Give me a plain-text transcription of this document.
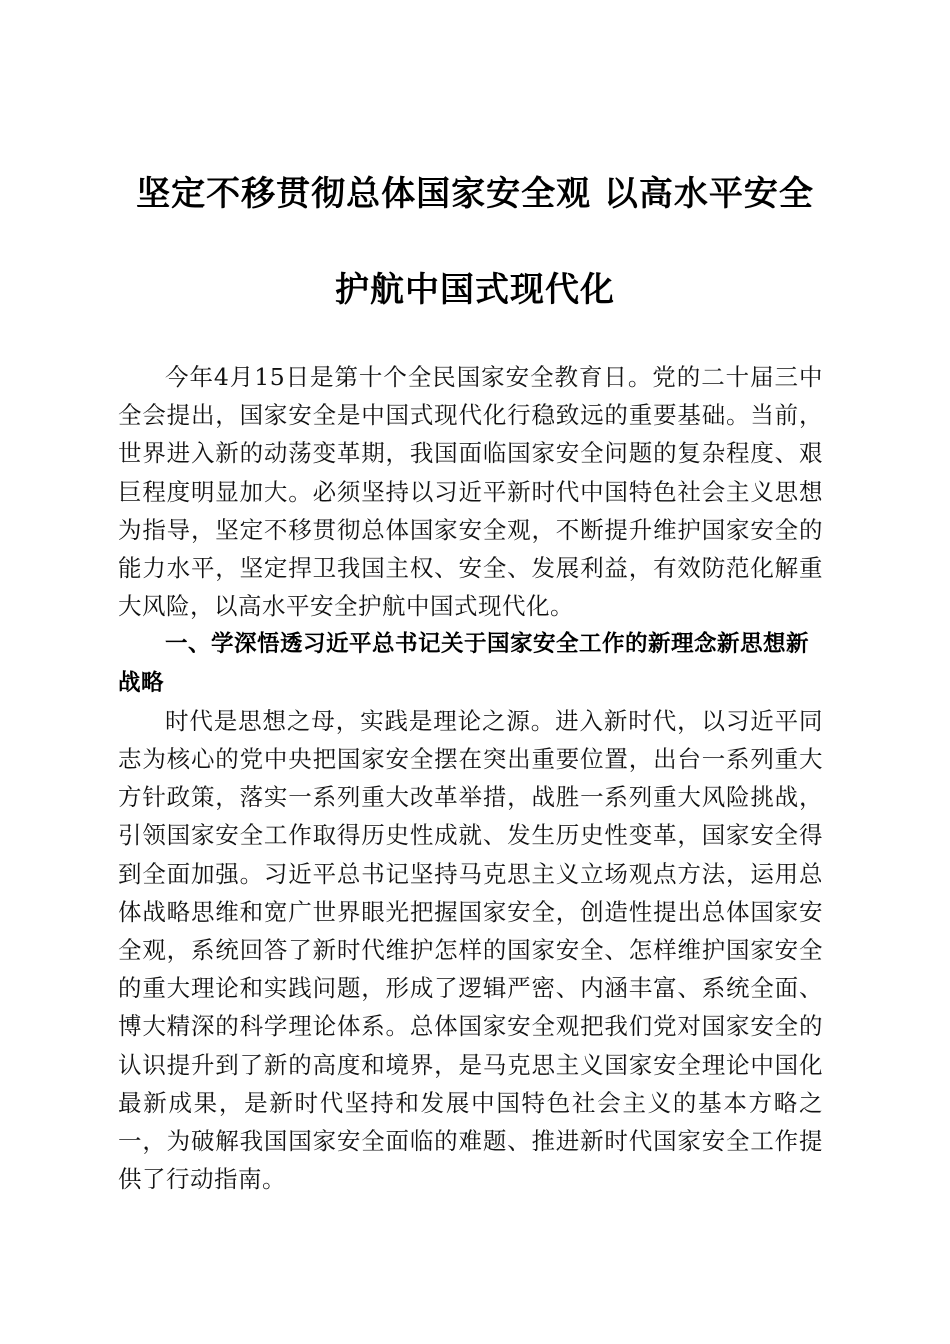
坚定不移贯彻总体国家安全观 以高水平安全
护航中国式现代化

今年4月15日是第十个全民国家安全教育日。党的二十届三中全会提出，国家安全是中国式现代化行稳致远的重要基础。当前，世界进入新的动荡变革期，我国面临国家安全问题的复杂程度、艰巨程度明显加大。必须坚持以习近平新时代中国特色社会主义思想为指导，坚定不移贯彻总体国家安全观，不断提升维护国家安全的能力水平，坚定捍卫我国主权、安全、发展利益，有效防范化解重大风险，以高水平安全护航中国式现代化。

一、学深悟透习近平总书记关于国家安全工作的新理念新思想新战略

时代是思想之母，实践是理论之源。进入新时代，以习近平同志为核心的党中央把国家安全摆在突出重要位置，出台一系列重大方针政策，落实一系列重大改革举措，战胜一系列重大风险挑战，引领国家安全工作取得历史性成就、发生历史性变革，国家安全得到全面加强。习近平总书记坚持马克思主义立场观点方法，运用总体战略思维和宽广世界眼光把握国家安全，创造性提出总体国家安全观，系统回答了新时代维护怎样的国家安全、怎样维护国家安全的重大理论和实践问题，形成了逻辑严密、内涵丰富、系统全面、博大精深的科学理论体系。总体国家安全观把我们党对国家安全的认识提升到了新的高度和境界，是马克思主义国家安全理论中国化最新成果，是新时代坚持和发展中国特色社会主义的基本方略之一，为破解我国国家安全面临的难题、推进新时代国家安全工作提供了行动指南。
